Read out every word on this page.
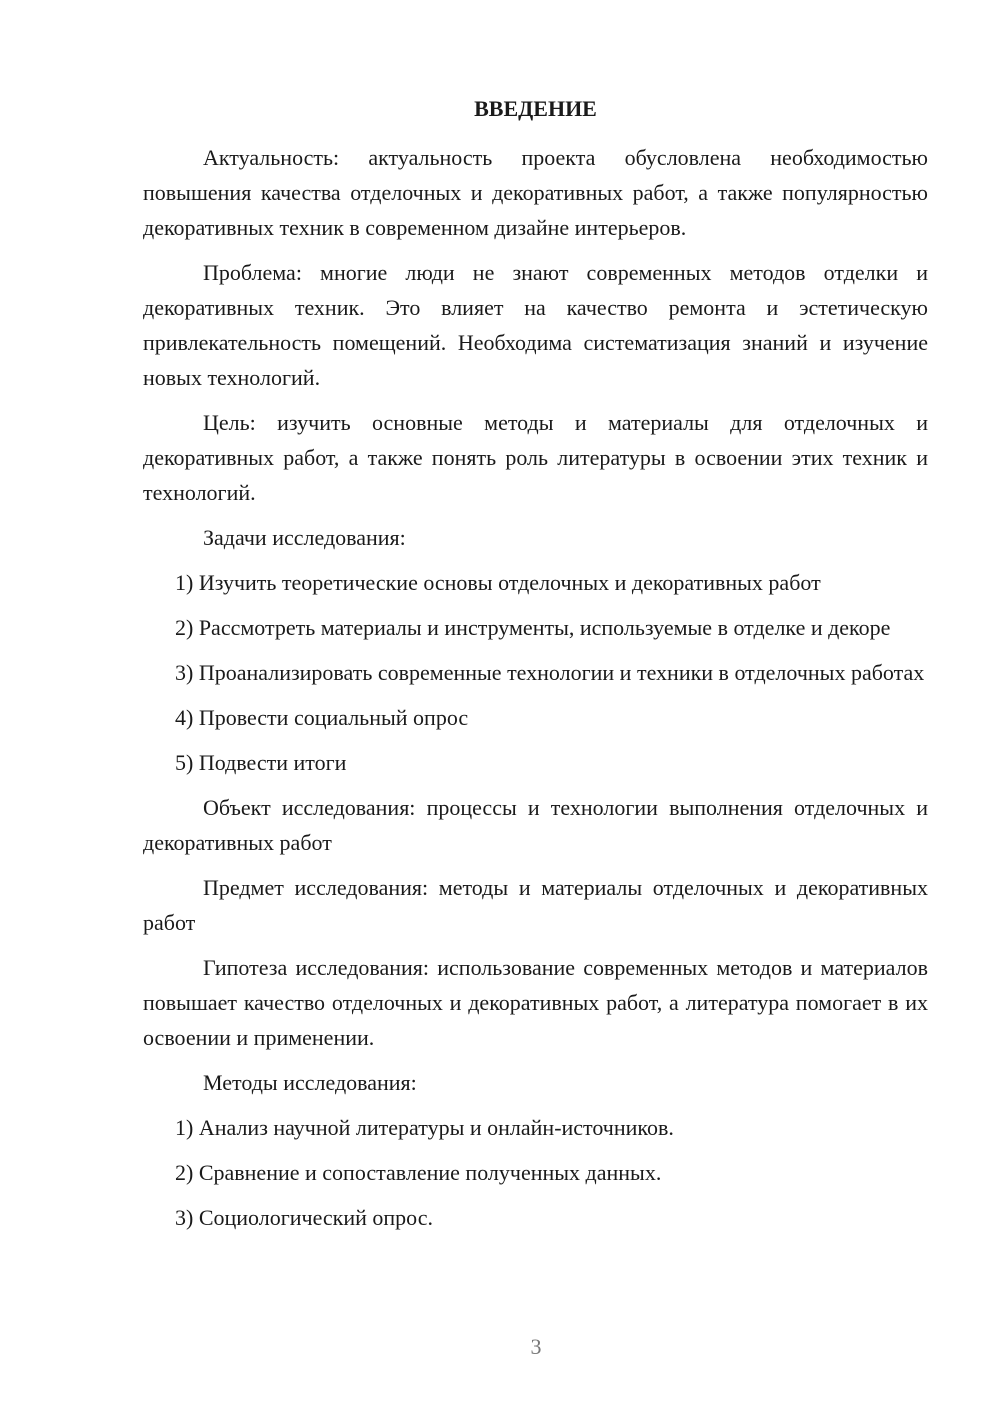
ВВЕДЕНИЕ

Актуальность: актуальность проекта обусловлена необходимостью повышения качества отделочных и декоративных работ, а также популярностью декоративных техник в современном дизайне интерьеров.

Проблема: многие люди не знают современных методов отделки и декоративных техник. Это влияет на качество ремонта и эстетическую привлекательность помещений. Необходима систематизация знаний и изучение новых технологий.

Цель: изучить основные методы и материалы для отделочных и декоративных работ, а также понять роль литературы в освоении этих техник и технологий.

Задачи исследования:

1) Изучить теоретические основы отделочных и декоративных работ

2) Рассмотреть материалы и инструменты, используемые в отделке и декоре

3) Проанализировать современные технологии и техники в отделочных работах

4) Провести социальный опрос

5) Подвести итоги

Объект исследования: процессы и технологии выполнения отделочных и декоративных работ

Предмет исследования: методы и материалы отделочных и декоративных работ

Гипотеза исследования: использование современных методов и материалов повышает качество отделочных и декоративных работ, а литература помогает в их освоении и применении.

Методы исследования:

1) Анализ научной литературы и онлайн-источников.

2) Сравнение и сопоставление полученных данных.

3) Социологический опрос.

3
